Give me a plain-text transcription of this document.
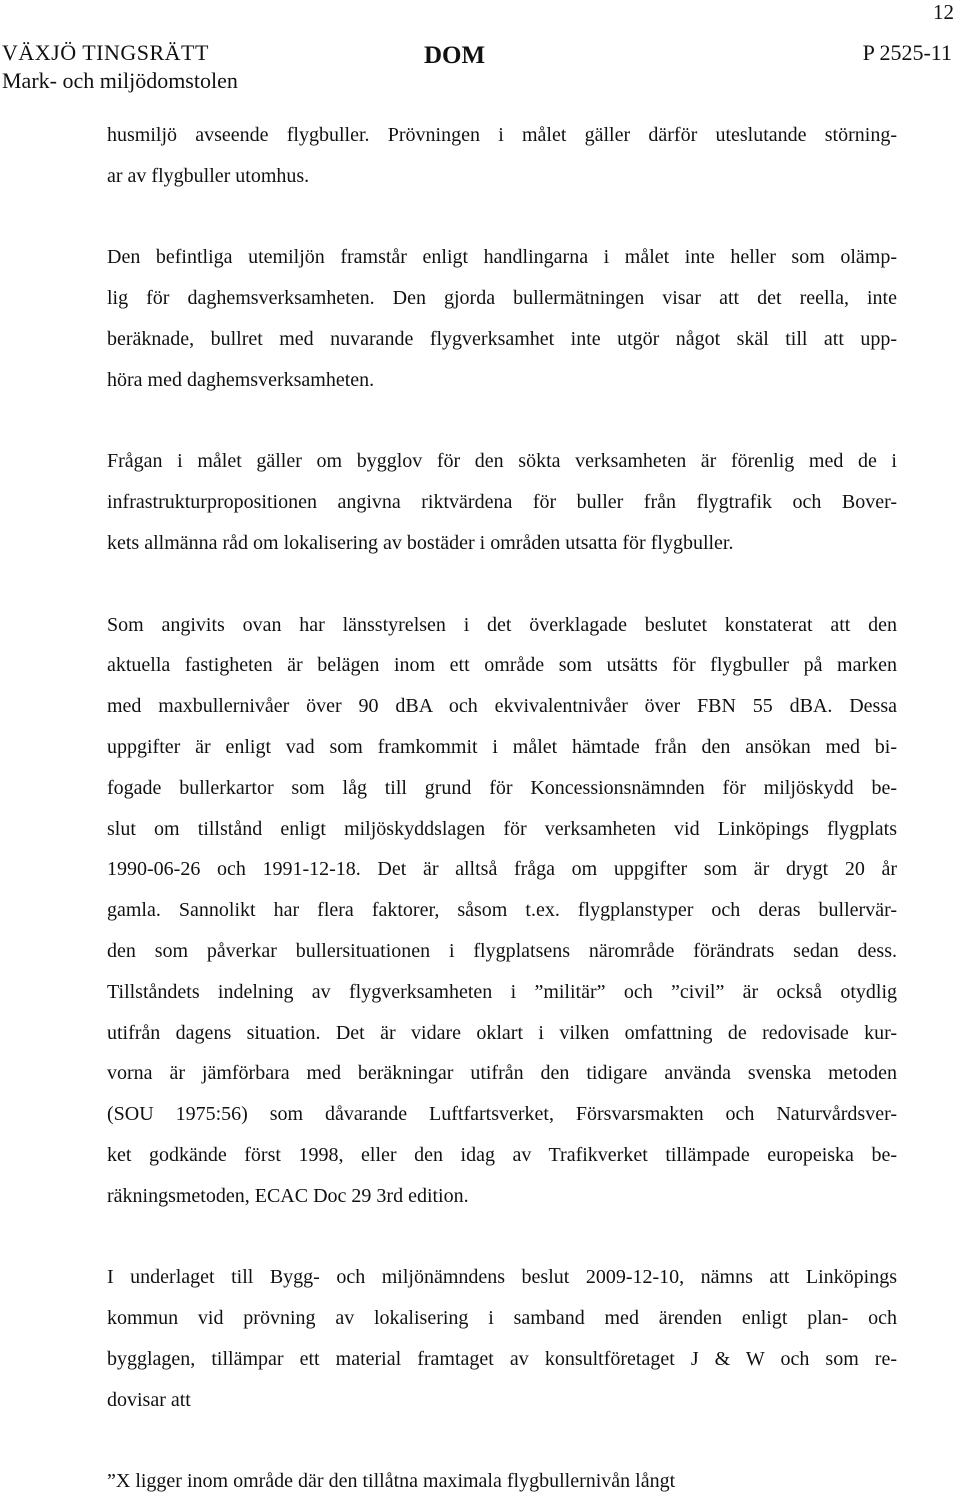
12
VÄXJÖ TINGSRÄTT
Mark- och miljödomstolen
DOM	P 2525-11

husmiljö avseende flygbuller. Prövningen i målet gäller därför uteslutande störning-
ar av flygbuller utomhus.

Den befintliga utemiljön framstår enligt handlingarna i målet inte heller som olämp-
lig för daghemsverksamheten. Den gjorda bullermätningen visar att det reella, inte
beräknade, bullret med nuvarande flygverksamhet inte utgör något skäl till att upp-
höra med daghemsverksamheten.

Frågan i målet gäller om bygglov för den sökta verksamheten är förenlig med de i
infrastrukturpropositionen angivna riktvärdena för buller från flygtrafik och Bover-
kets allmänna råd om lokalisering av bostäder i områden utsatta för flygbuller.

Som angivits ovan har länsstyrelsen i det överklagade beslutet konstaterat att den
aktuella fastigheten är belägen inom ett område som utsätts för flygbuller på marken
med maxbullernivåer över 90 dBA och ekvivalentnivåer över FBN 55 dBA. Dessa
uppgifter är enligt vad som framkommit i målet hämtade från den ansökan med bi-
fogade bullerkartor som låg till grund för Koncessionsnämnden för miljöskydd be-
slut om tillstånd enligt miljöskyddslagen för verksamheten vid Linköpings flygplats
1990-06-26 och 1991-12-18. Det är alltså fråga om uppgifter som är drygt 20 år
gamla. Sannolikt har flera faktorer, såsom t.ex. flygplanstyper och deras bullervär-
den som påverkar bullersituationen i flygplatsens närområde förändrats sedan dess.
Tillståndets indelning av flygverksamheten i ”militär” och ”civil” är också otydlig
utifrån dagens situation. Det är vidare oklart i vilken omfattning de redovisade kur-
vorna är jämförbara med beräkningar utifrån den tidigare använda svenska metoden
(SOU 1975:56) som dåvarande Luftfartsverket, Försvarsmakten och Naturvårdsver-
ket godkände först 1998, eller den idag av Trafikverket tillämpade europeiska be-
räkningsmetoden, ECAC Doc 29 3rd edition.

I underlaget till Bygg- och miljönämndens beslut 2009-12-10, nämns att Linköpings
kommun vid prövning av lokalisering i samband med ärenden enligt plan- och
bygglagen, tillämpar ett material framtaget av konsultföretaget J & W och som re-
dovisar att

”X ligger inom område där den tillåtna maximala flygbullernivån långt
